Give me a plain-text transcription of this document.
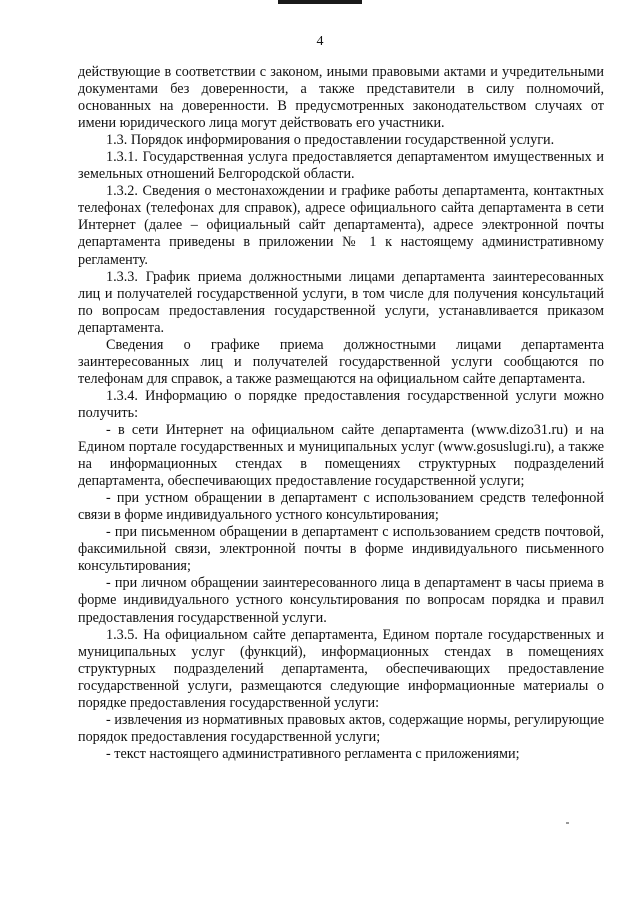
4

действующие в соответствии с законом, иными правовыми актами и учредительными документами без доверенности, а также представители в силу полномочий, основанных на доверенности. В предусмотренных законодательством случаях от имени юридического лица могут действовать его участники.

1.3. Порядок информирования о предоставлении государственной услуги.

1.3.1. Государственная услуга предоставляется департаментом имущественных и земельных отношений Белгородской области.

1.3.2. Сведения о местонахождении и графике работы департамента, контактных телефонах (телефонах для справок), адресе официального сайта департамента в сети Интернет (далее – официальный сайт департамента), адресе электронной почты департамента приведены в приложении № 1 к настоящему административному регламенту.

1.3.3. График приема должностными лицами департамента заинтересованных лиц и получателей государственной услуги, в том числе для получения консультаций по вопросам предоставления государственной услуги, устанавливается приказом департамента.

Сведения о графике приема должностными лицами департамента заинтересованных лиц и получателей государственной услуги сообщаются по телефонам для справок, а также размещаются на официальном сайте департамента.

1.3.4. Информацию о порядке предоставления государственной услуги можно получить:

- в сети Интернет на официальном сайте департамента (www.dizo31.ru) и на Едином портале государственных и муниципальных услуг (www.gosuslugi.ru), а также на информационных стендах в помещениях структурных подразделений департамента, обеспечивающих предоставление государственной услуги;

- при устном обращении в департамент с использованием средств телефонной связи в форме индивидуального устного консультирования;

- при письменном обращении в департамент с использованием средств почтовой, факсимильной связи, электронной почты в форме индивидуального письменного консультирования;

- при личном обращении заинтересованного лица в департамент в часы приема в форме индивидуального устного консультирования по вопросам порядка и правил предоставления государственной услуги.

1.3.5. На официальном сайте департамента, Едином портале государственных и муниципальных услуг (функций), информационных стендах в помещениях структурных подразделений департамента, обеспечивающих предоставление государственной услуги, размещаются следующие информационные материалы о порядке предоставления государственной услуги:

- извлечения из нормативных правовых актов, содержащие нормы, регулирующие порядок предоставления государственной услуги;

- текст настоящего административного регламента с приложениями;
